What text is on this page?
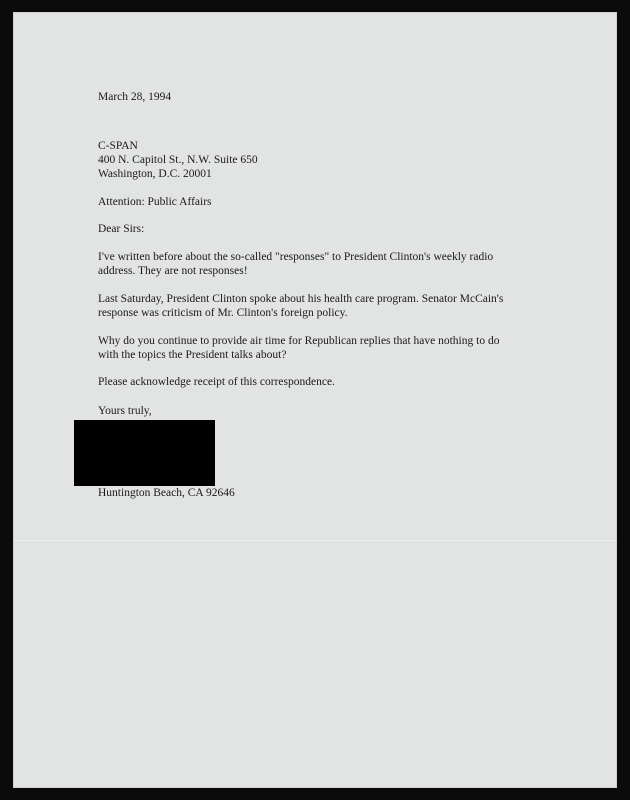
March 28, 1994
C-SPAN
400 N. Capitol St., N.W. Suite 650
Washington, D.C. 20001
Attention: Public Affairs
Dear Sirs:
I've written before about the so-called "responses" to President Clinton's weekly radio
address. They are not responses!
Last Saturday, President Clinton spoke about his health care program. Senator McCain's
response was criticism of Mr. Clinton's foreign policy.
Why do you continue to provide air time for Republican replies that have nothing to do
with the topics the President talks about?
Please acknowledge receipt of this correspondence.
Yours truly,
Huntington Beach, CA 92646
